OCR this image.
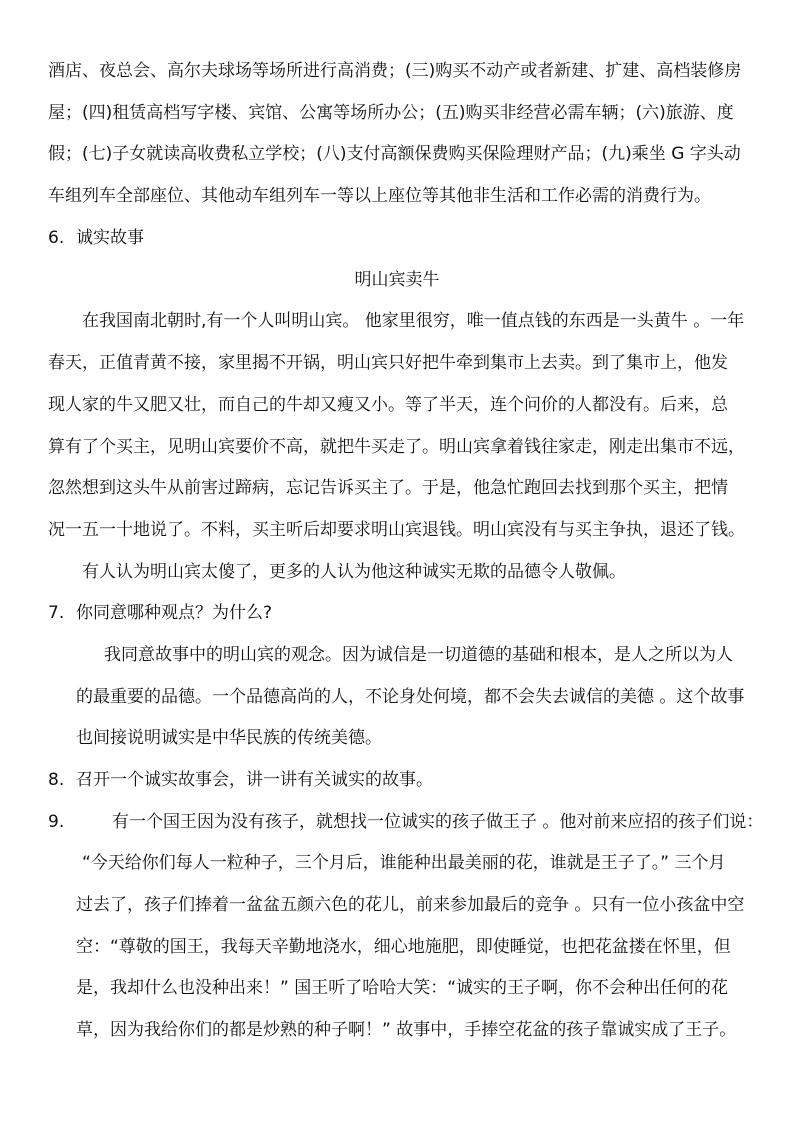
酒店、夜总会、高尔夫球场等场所进行高消费；(三)购买不动产或者新建、扩建、高档装修房
屋；(四)租赁高档写字楼、宾馆、公寓等场所办公；(五)购买非经营必需车辆；(六)旅游、度
假；(七)子女就读高收费私立学校；(八)支付高额保费购买保险理财产品；(九)乘坐 G 字头动
车组列车全部座位、其他动车组列车一等以上座位等其他非生活和工作必需的消费行为。
6. 诚实故事
明山宾卖牛
在我国南北朝时,有一个人叫明山宾。 他家里很穷，唯一值点钱的东西是一头黄牛 。一年
春天，正值青黄不接，家里揭不开锅，明山宾只好把牛牵到集市上去卖。到了集市上，他发
现人家的牛又肥又壮，而自己的牛却又瘦又小。等了半天，连个问价的人都没有。后来，总
算有了个买主，见明山宾要价不高，就把牛买走了。明山宾拿着钱往家走，刚走出集市不远，
忽然想到这头牛从前害过蹄病，忘记告诉买主了。于是，他急忙跑回去找到那个买主，把情
况一五一十地说了。不料，买主听后却要求明山宾退钱。明山宾没有与买主争执，退还了钱。
有人认为明山宾太傻了，更多的人认为他这种诚实无欺的品德令人敬佩。
7. 你同意哪种观点？为什么?
我同意故事中的明山宾的观念。因为诚信是一切道德的基础和根本，是人之所以为人
的最重要的品德。一个品德高尚的人，不论身处何境，都不会失去诚信的美德 。这个故事
也间接说明诚实是中华民族的传统美德。
8. 召开一个诚实故事会，讲一讲有关诚实的故事。
9.	有一个国王因为没有孩子，就想找一位诚实的孩子做王子 。他对前来应招的孩子们说：
“今天给你们每人一粒种子，三个月后，谁能种出最美丽的花，谁就是王子了。” 三个月
过去了，孩子们捧着一盆盆五颜六色的花儿，前来参加最后的竞争 。只有一位小孩盆中空
空：“尊敬的国王，我每天辛勤地浇水，细心地施肥，即使睡觉，也把花盆搂在怀里，但
是，我却什么也没种出来！” 国王听了哈哈大笑：“诚实的王子啊，你不会种出任何的花
草，因为我给你们的都是炒熟的种子啊！” 故事中，手捧空花盆的孩子靠诚实成了王子。
